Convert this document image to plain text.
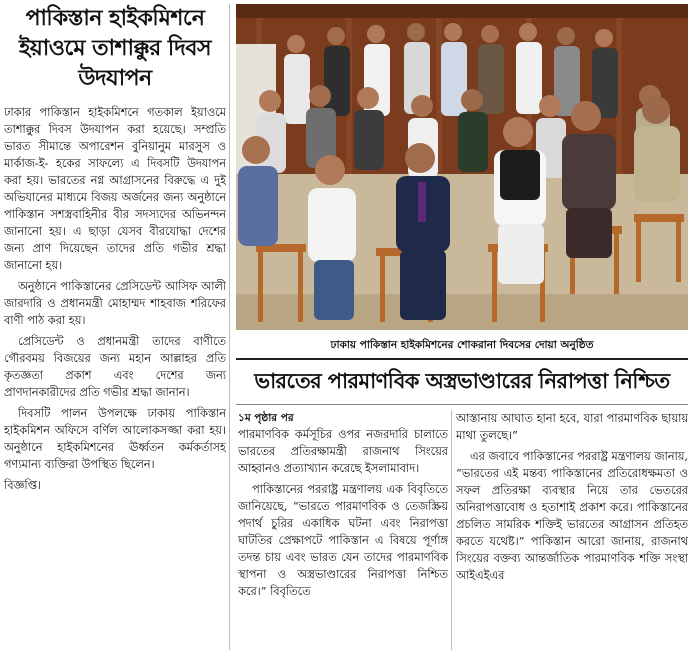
পাকিস্তান হাইকমিশনে ইয়াওমে তাশাক্কুর দিবস উদযাপন

ঢাকার পাকিস্তান হাইকমিশনে গতকাল ইয়াওমে তাশাক্কুর দিবস উদযাপন করা হয়েছে। সম্প্রতি ভারত সীমান্তে অপারেশন বুনিয়ানুম মারসুস ও মার্কাজ-ই- হকের সাফল্যে এ দিবসটি উদযাপন করা হয়। ভারতের নগ্ন আগ্রাসনের বিরুদ্ধে এ দুই অভিযানের মাধ্যমে বিজয় অর্জনের জন্য অনুষ্ঠানে পাকিস্তান সশস্ত্রবাহিনীর বীর সদস্যদের অভিনন্দন জানানো হয়। এ ছাড়া যেসব বীরযোদ্ধা দেশের জন্য প্রাণ দিয়েছেন তাদের প্রতি গভীর শ্রদ্ধা জানানো হয়।

অনুষ্ঠানে পাকিস্তানের প্রেসিডেন্ট আসিফ আলী জারদারি ও প্রধানমন্ত্রী মোহাম্মদ শাহবাজ শরিফের বাণী পাঠ করা হয়।

প্রেসিডেন্ট ও প্রধানমন্ত্রী তাদের বাণীতে গৌরবময় বিজয়ের জন্য মহান আল্লাহর প্রতি কৃতজ্ঞতা প্রকাশ এবং দেশের জন্য প্রাণদানকারীদের প্রতি গভীর শ্রদ্ধা জানান।

দিবসটি পালন উপলক্ষে ঢাকায় পাকিস্তান হাইকমিশন অফিসে বর্ণিল আলোকসজ্জা করা হয়। অনুষ্ঠানে হাইকমিশনের ঊর্ধ্বতন কর্মকর্তাসহ গণ্যমান্য ব্যক্তিরা উপস্থিত ছিলেন।

বিজ্ঞপ্তি।

ঢাকায় পাকিস্তান হাইকমিশনের শোকরানা দিবসের দোয়া অনুষ্ঠিত
ভারতের পারমাণবিক অস্ত্রভাণ্ডারের নিরাপত্তা নিশ্চিত
১ম পৃষ্ঠার পর

পারমাণবিক কর্মসূচির ওপর নজরদারি চালাতে ভারতের প্রতিরক্ষামন্ত্রী রাজনাথ সিংয়ের আহ্বানও প্রত্যাখ্যান করেছে ইসলামাবাদ।

পাকিস্তানের পররাষ্ট্র মন্ত্রণালয় এক বিবৃতিতে জানিয়েছে, “ভারতে পারমাণবিক ও তেজস্ক্রিয় পদার্থ চুরির একাধিক ঘটনা এবং নিরাপত্তা ঘাটতির প্রেক্ষাপটে পাকিস্তান এ বিষয়ে পূর্ণাঙ্গ তদন্ত চায় এবং ভারত যেন তাদের পারমাণবিক স্থাপনা ও অস্ত্রভাণ্ডারের নিরাপত্তা নিশ্চিত করে।” বিবৃতিতে

আস্তানায় আঘাত হানা হবে, যারা পারমাণবিক ছায়ায় মাথা তুলছে।”

এর জবাবে পাকিস্তানের পররাষ্ট্র মন্ত্রণালয় জানায়, “ভারতের এই মন্তব্য পাকিস্তানের প্রতিরোধক্ষমতা ও সফল প্রতিরক্ষা ব্যবস্থার নিয়ে তার ভেতরের অনিরাপত্তাবোধ ও হতাশাই প্রকাশ করে। পাকিস্তানের প্রচলিত সামরিক শক্তিই ভারতের আগ্রাসন প্রতিহত করতে যথেষ্ট।” পাকিস্তান আরো জানায়, রাজনাথ সিংয়ের বক্তব্য আন্তর্জাতিক পারমাণবিক শক্তি সংস্থা আইএইএর
